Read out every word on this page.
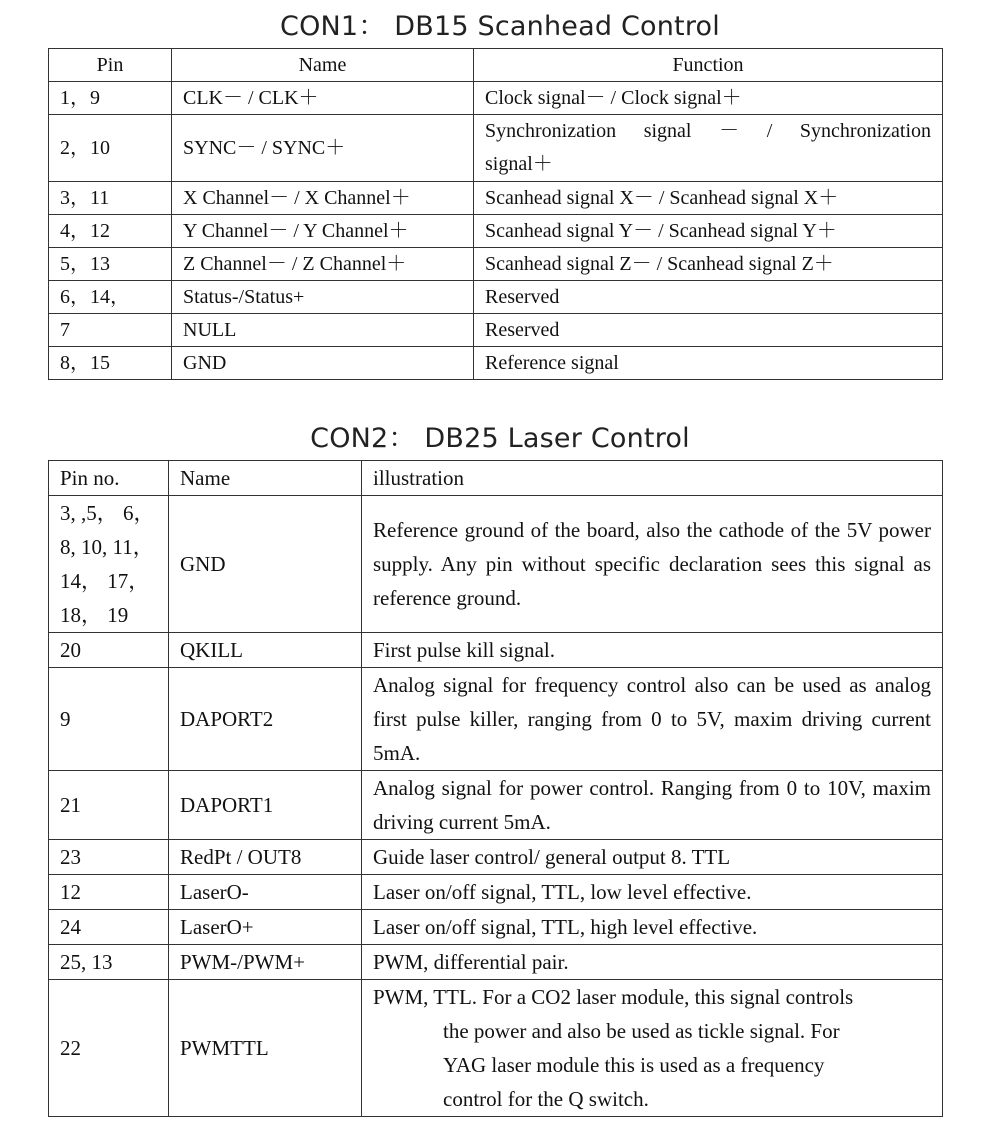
CON1： DB15 Scanhead Control
Pin	Name	Function
1，9	CLK－ / CLK＋	Clock signal－ / Clock signal＋
2，10	SYNC－ / SYNC＋	Synchronization signal － / Synchronization
signal＋

3，11	X Channel－ / X Channel＋	Scanhead signal X－ / Scanhead signal X＋
4，12	Y Channel－ / Y Channel＋	Scanhead signal Y－ / Scanhead signal Y＋
5，13	Z Channel－ / Z Channel＋	Scanhead signal Z－ / Scanhead signal Z＋
6，14，	Status-/Status+	Reserved
7	NULL	Reserved
8，15	GND	Reference signal
CON2： DB25 Laser Control
Pin no.	Name	illustration

3, ,5， 6，
8, 10, 11，
14， 17，
18， 19	GND	Reference ground of the board, also the cathode of the 5V power supply. Any pin without specific declaration sees this signal as reference ground.
20	QKILL	First pulse kill signal.
9	DAPORT2	Analog signal for frequency control also can be used as analog first pulse killer, ranging from 0 to 5V, maxim driving current 5mA.
21	DAPORT1	Analog signal for power control. Ranging from 0 to 10V, maxim driving current 5mA.
23	RedPt / OUT8	Guide laser control/ general output 8. TTL
12	LaserO-	Laser on/off signal, TTL, low level effective.
24	LaserO+	Laser on/off signal, TTL, high level effective.
25, 13	PWM-/PWM+	PWM, differential pair.
22	PWMTTL	PWM, TTL. For a CO2 laser module, this signal controls
the power and also be used as tickle signal. For
YAG laser module this is used as a frequency
control for the Q switch.
